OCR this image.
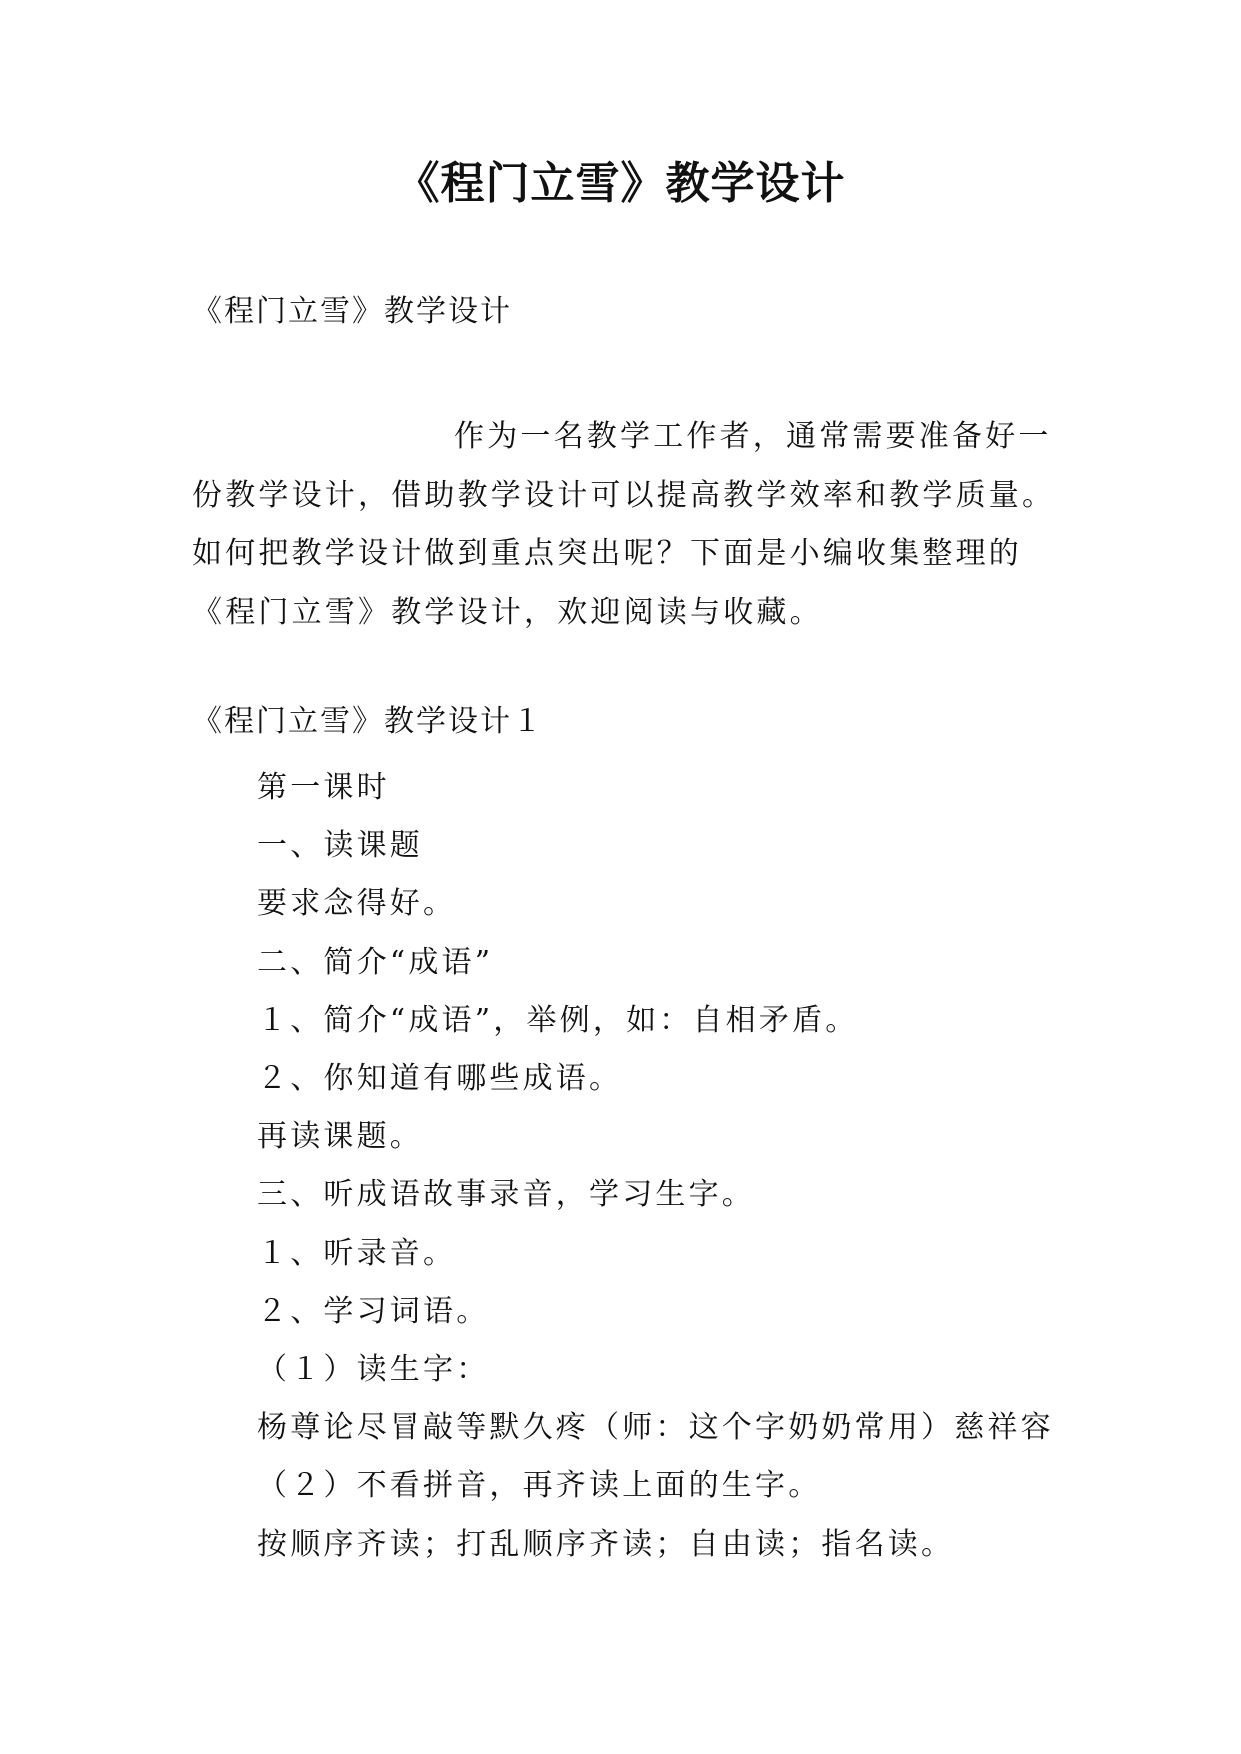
《程门立雪》教学设计
《程门立雪》教学设计

作为一名教学工作者，通常需要准备好一

份教学设计，借助教学设计可以提高教学效率和教学质量。

如何把教学设计做到重点突出呢？下面是小编收集整理的

《程门立雪》教学设计，欢迎阅读与收藏。

《程门立雪》教学设计１

第一课时

一、读课题

要求念得好。

二、简介“成语”

１、简介“成语”，举例，如：自相矛盾。

２、你知道有哪些成语。

再读课题。

三、听成语故事录音，学习生字。

１、听录音。

２、学习词语。

（１）读生字：

杨尊论尽冒敲等默久疼（师：这个字奶奶常用）慈祥容

（２）不看拼音，再齐读上面的生字。

按顺序齐读；打乱顺序齐读；自由读；指名读。
